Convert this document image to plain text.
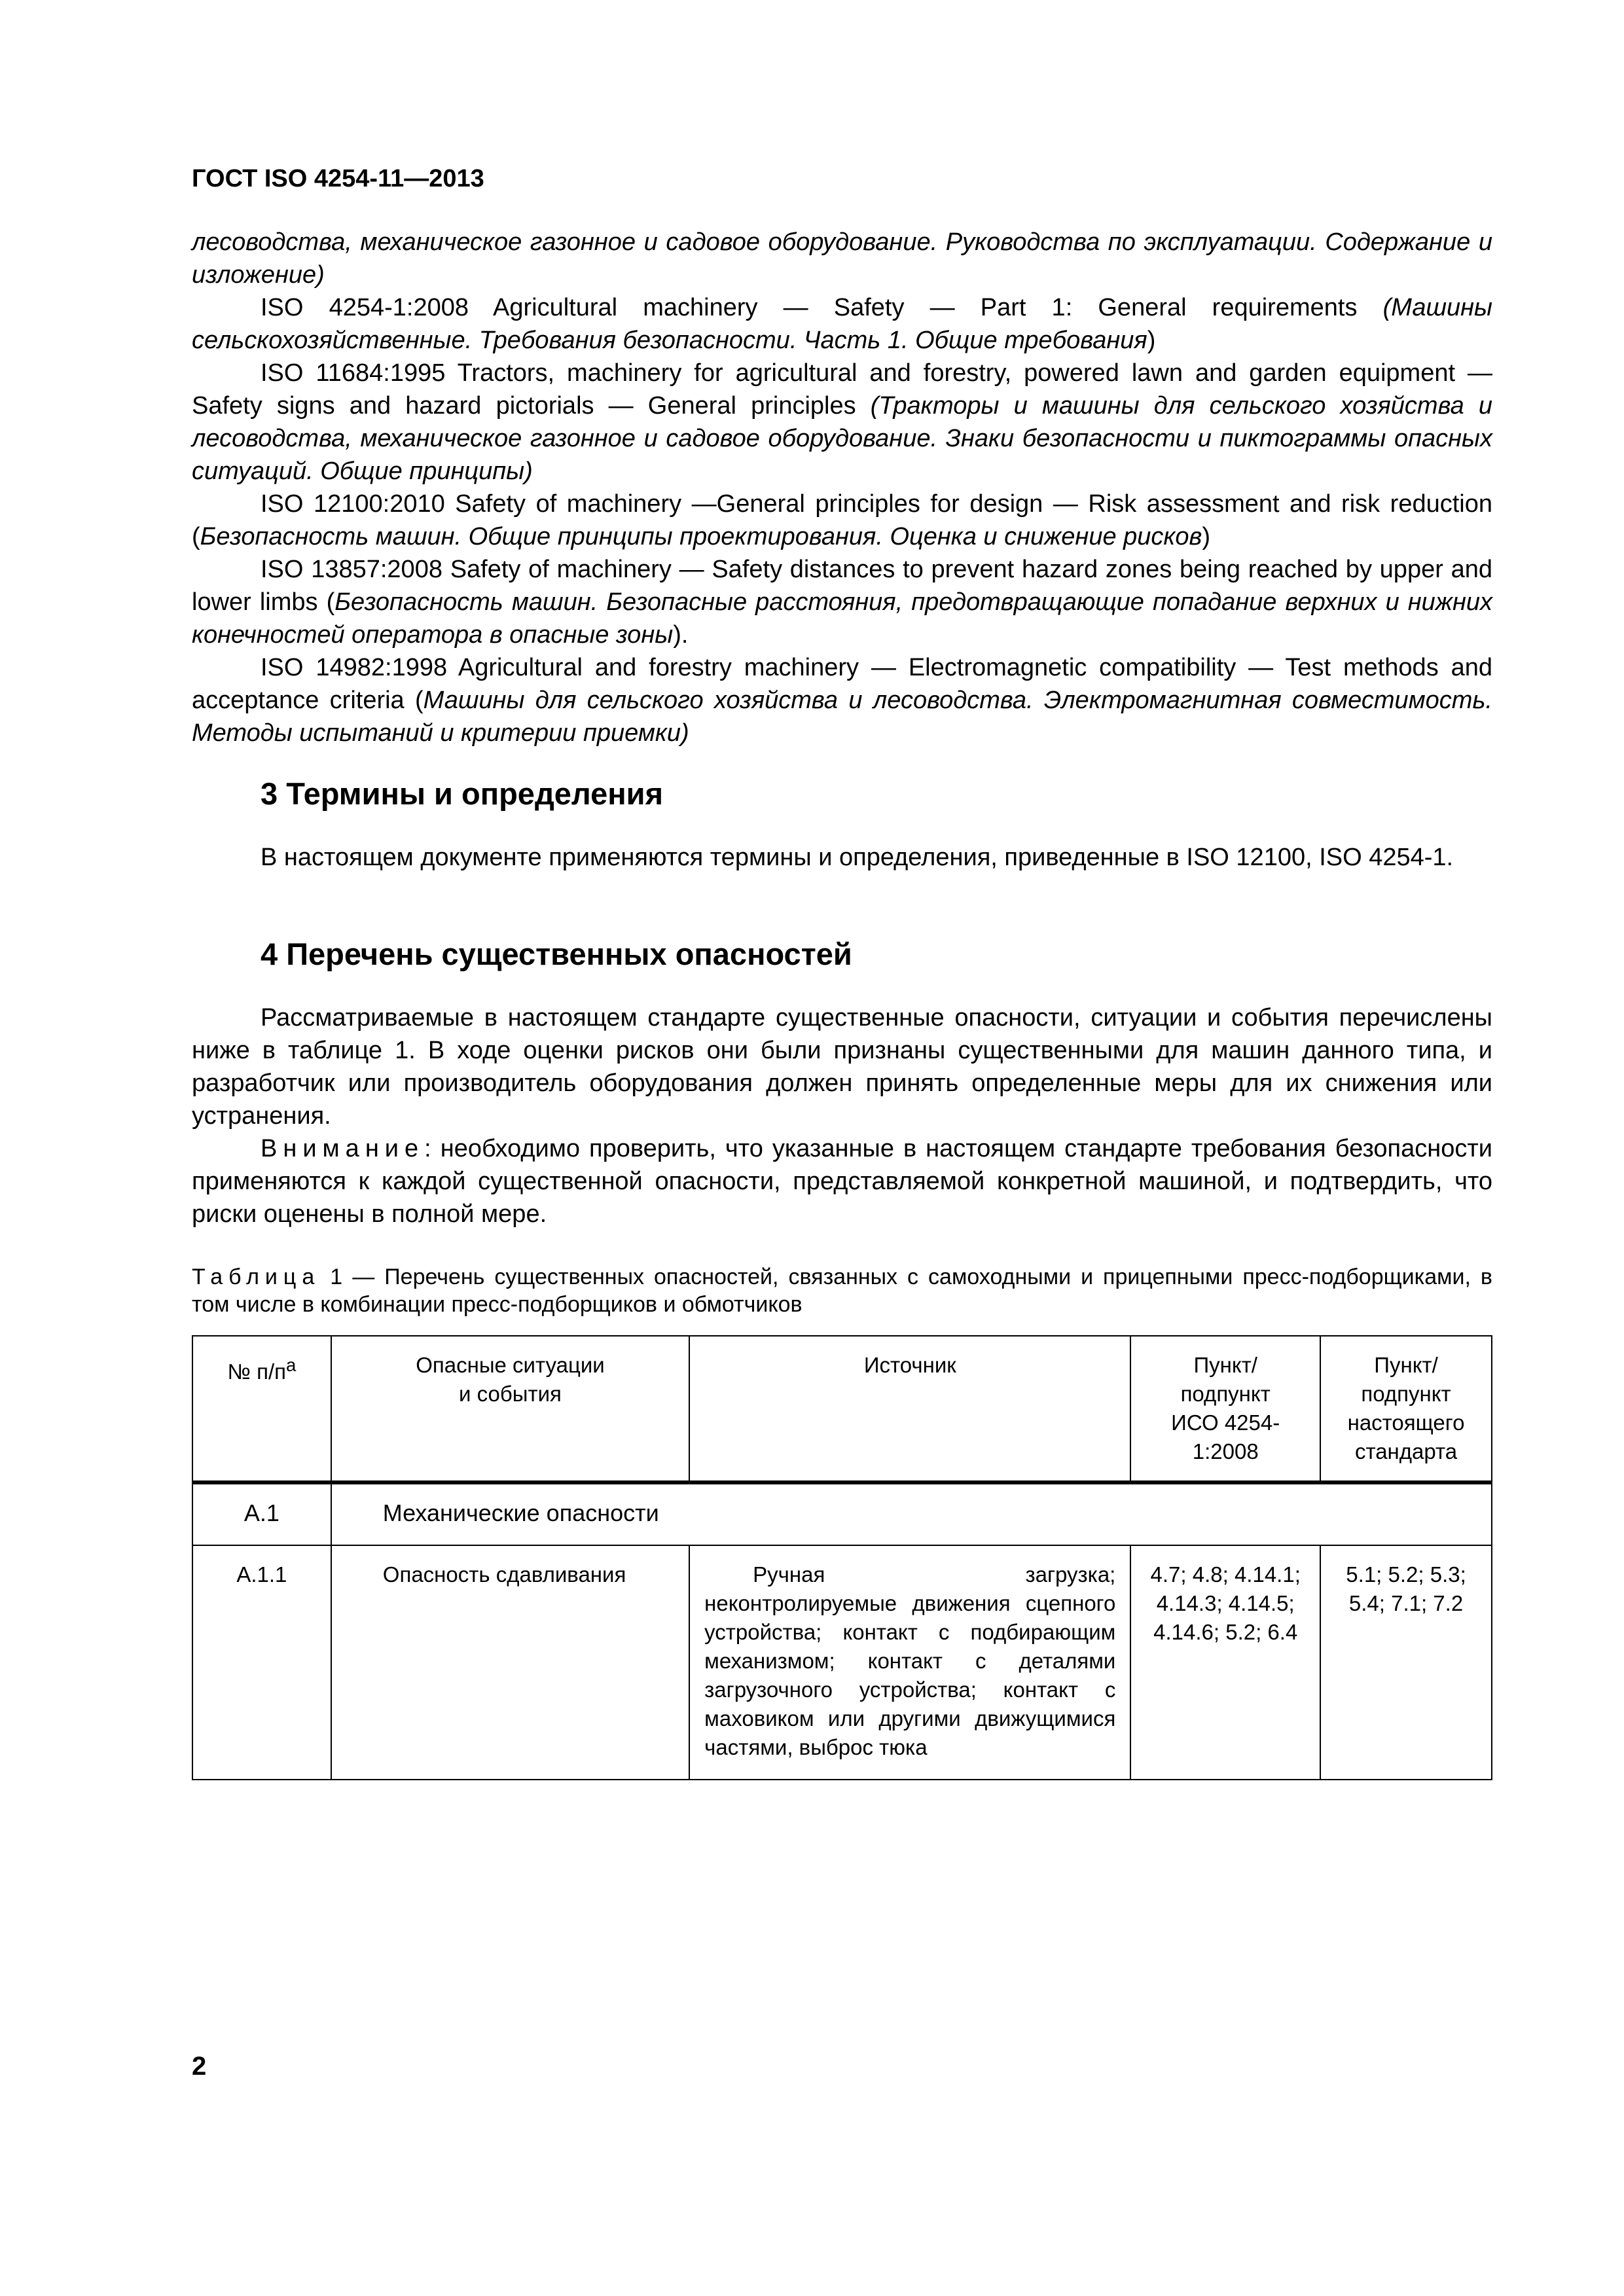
ГОСТ ISO 4254-11—2013

лесоводства, механическое газонное и садовое оборудование. Руководства по эксплуатации. Содержание и изложение)

ISO 4254-1:2008 Agricultural machinery — Safety — Part 1: General requirements (Машины сельскохозяйственные. Требования безопасности. Часть 1. Общие требования)

ISO 11684:1995 Tractors, machinery for agricultural and forestry, powered lawn and garden equipment — Safety signs and hazard pictorials — General principles (Тракторы и машины для сельского хозяйства и лесоводства, механическое газонное и садовое оборудование. Знаки безопасности и пиктограммы опасных ситуаций. Общие принципы)

ISO 12100:2010 Safety of machinery —General principles for design — Risk assessment and risk reduction (Безопасность машин. Общие принципы проектирования. Оценка и снижение рисков)

ISO 13857:2008 Safety of machinery — Safety distances to prevent hazard zones being reached by upper and lower limbs (Безопасность машин. Безопасные расстояния, предотвращающие попадание верхних и нижних конечностей оператора в опасные зоны).

ISO 14982:1998 Agricultural and forestry machinery — Electromagnetic compatibility — Test methods and acceptance criteria (Машины для сельского хозяйства и лесоводства. Электромагнитная совместимость. Методы испытаний и критерии приемки)

3 Термины и определения

В настоящем документе применяются термины и определения, приведенные в ISO 12100, ISO 4254-1.

4 Перечень существенных опасностей

Рассматриваемые в настоящем стандарте существенные опасности, ситуации и события перечислены ниже в таблице 1. В ходе оценки рисков они были признаны существенными для машин данного типа, и разработчик или производитель оборудования должен принять определенные меры для их снижения или устранения.

Внимание: необходимо проверить, что указанные в настоящем стандарте требования безопасности применяются к каждой существенной опасности, представляемой конкретной машиной, и подтвердить, что риски оценены в полной мере.

Таблица 1 — Перечень существенных опасностей, связанных с самоходными и прицепными пресс-подборщиками, в том числе в комбинации пресс-подборщиков и обмотчиков
№ $п/п^a$	Опасные ситуации
и события	Источник	Пункт/
подпункт
ИСО 4254-
1:2008	Пункт/
подпункт
настоящего
стандарта
A.1	Механические опасности			
A.1.1	Опасность сдавливания	Ручная загрузка; неконтролируемые движения сцепного устройства; контакт с подбирающим механизмом; контакт с деталями загрузочного устройства; контакт с маховиком или другими движущимися частями, выброс тюка	4.7; 4.8; 4.14.1; 4.14.3; 4.14.5; 4.14.6; 5.2; 6.4	5.1; 5.2; 5.3; 5.4; 7.1; 7.2
2
